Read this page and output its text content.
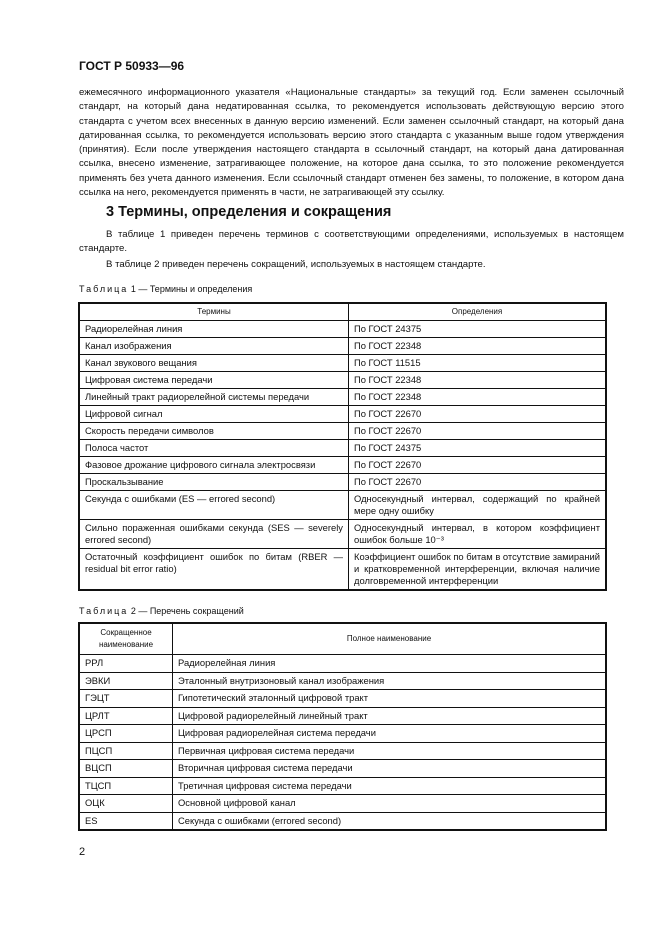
ГОСТ Р 50933—96
ежемесячного информационного указателя «Национальные стандарты» за текущий год. Если заменен ссылочный стандарт, на который дана недатированная ссылка, то рекомендуется использовать действующую версию этого стандарта с учетом всех внесенных в данную версию изменений. Если заменен ссылочный стандарт, на который дана датированная ссылка, то рекомендуется использовать версию этого стандарта с указанным выше годом утверждения (принятия). Если после утверждения настоящего стандарта в ссылочный стандарт, на который дана датированная ссылка, внесено изменение, затрагивающее положение, на которое дана ссылка, то это положение рекомендуется применять без учета данного изменения. Если ссылочный стандарт отменен без замены, то положение, в котором дана ссылка на него, рекомендуется применять в части, не затрагивающей эту ссылку.
3 Термины, определения и сокращения
В таблице 1 приведен перечень терминов с соответствующими определениями, используемых в настоящем стандарте.
В таблице 2 приведен перечень сокращений, используемых в настоящем стандарте.
Таблица 1 — Термины и определения
Термины	Определения
Радиорелейная линия	По ГОСТ 24375
Канал изображения	По ГОСТ 22348
Канал звукового вещания	По ГОСТ 11515
Цифровая система передачи	По ГОСТ 22348
Линейный тракт радиорелейной системы передачи	По ГОСТ 22348
Цифровой сигнал	По ГОСТ 22670
Скорость передачи символов	По ГОСТ 22670
Полоса частот	По ГОСТ 24375
Фазовое дрожание цифрового сигнала электросвязи	По ГОСТ 22670
Проскальзывание	По ГОСТ 22670
Секунда с ошибками (ES — errored second)	Односекундный интервал, содержащий по крайней мере одну ошибку
Сильно пораженная ошибками секунда (SES — severely errored second)	Односекундный интервал, в котором коэффициент ошибок больше 10⁻³
Остаточный коэффициент ошибок по битам (RBER — residual bit error ratio)	Коэффициент ошибок по битам в отсутствие замираний и кратковременной интерференции, включая наличие долговременной интерференции
Таблица 2 — Перечень сокращений
Сокращенное наименование	Полное наименование
РРЛ	Радиорелейная линия
ЭВКИ	Эталонный внутризоновый канал изображения
ГЭЦТ	Гипотетический эталонный цифровой тракт
ЦРЛТ	Цифровой радиорелейный линейный тракт
ЦРСП	Цифровая радиорелейная система передачи
ПЦСП	Первичная цифровая система передачи
ВЦСП	Вторичная цифровая система передачи
ТЦСП	Третичная цифровая система передачи
ОЦК	Основной цифровой канал
ES	Секунда с ошибками (errored second)
2
